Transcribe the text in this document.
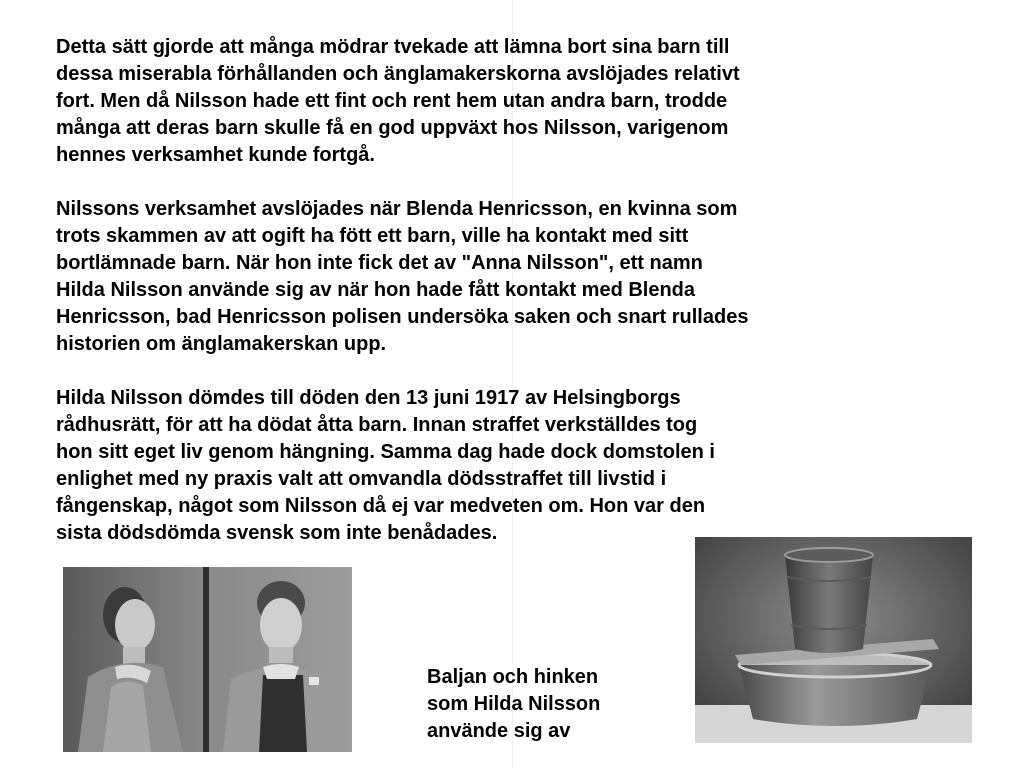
Detta sätt gjorde att många mödrar tvekade att lämna bort sina barn till
dessa miserabla förhållanden och änglamakerskorna avslöjades relativt
fort. Men då Nilsson hade ett fint och rent hem utan andra barn, trodde
många att deras barn skulle få en god uppväxt hos Nilsson, varigenom
hennes verksamhet kunde fortgå.

Nilssons verksamhet avslöjades när Blenda Henricsson, en kvinna som
trots skammen av att ogift ha fött ett barn, ville ha kontakt med sitt
bortlämnade barn. När hon inte fick det av "Anna Nilsson", ett namn
Hilda Nilsson använde sig av när hon hade fått kontakt med Blenda
Henricsson, bad Henricsson polisen undersöka saken och snart rullades
historien om änglamakerskan upp.

Hilda Nilsson dömdes till döden den 13 juni 1917 av Helsingborgs
rådhusrätt, för att ha dödat åtta barn. Innan straffet verkställdes tog
hon sitt eget liv genom hängning. Samma dag hade dock domstolen i
enlighet med ny praxis valt att omvandla dödsstraffet till livstid i
fångenskap, något som Nilsson då ej var medveten om. Hon var den
sista dödsdömda svensk som inte benådades.

Baljan och hinken
som Hilda Nilsson
använde sig av
